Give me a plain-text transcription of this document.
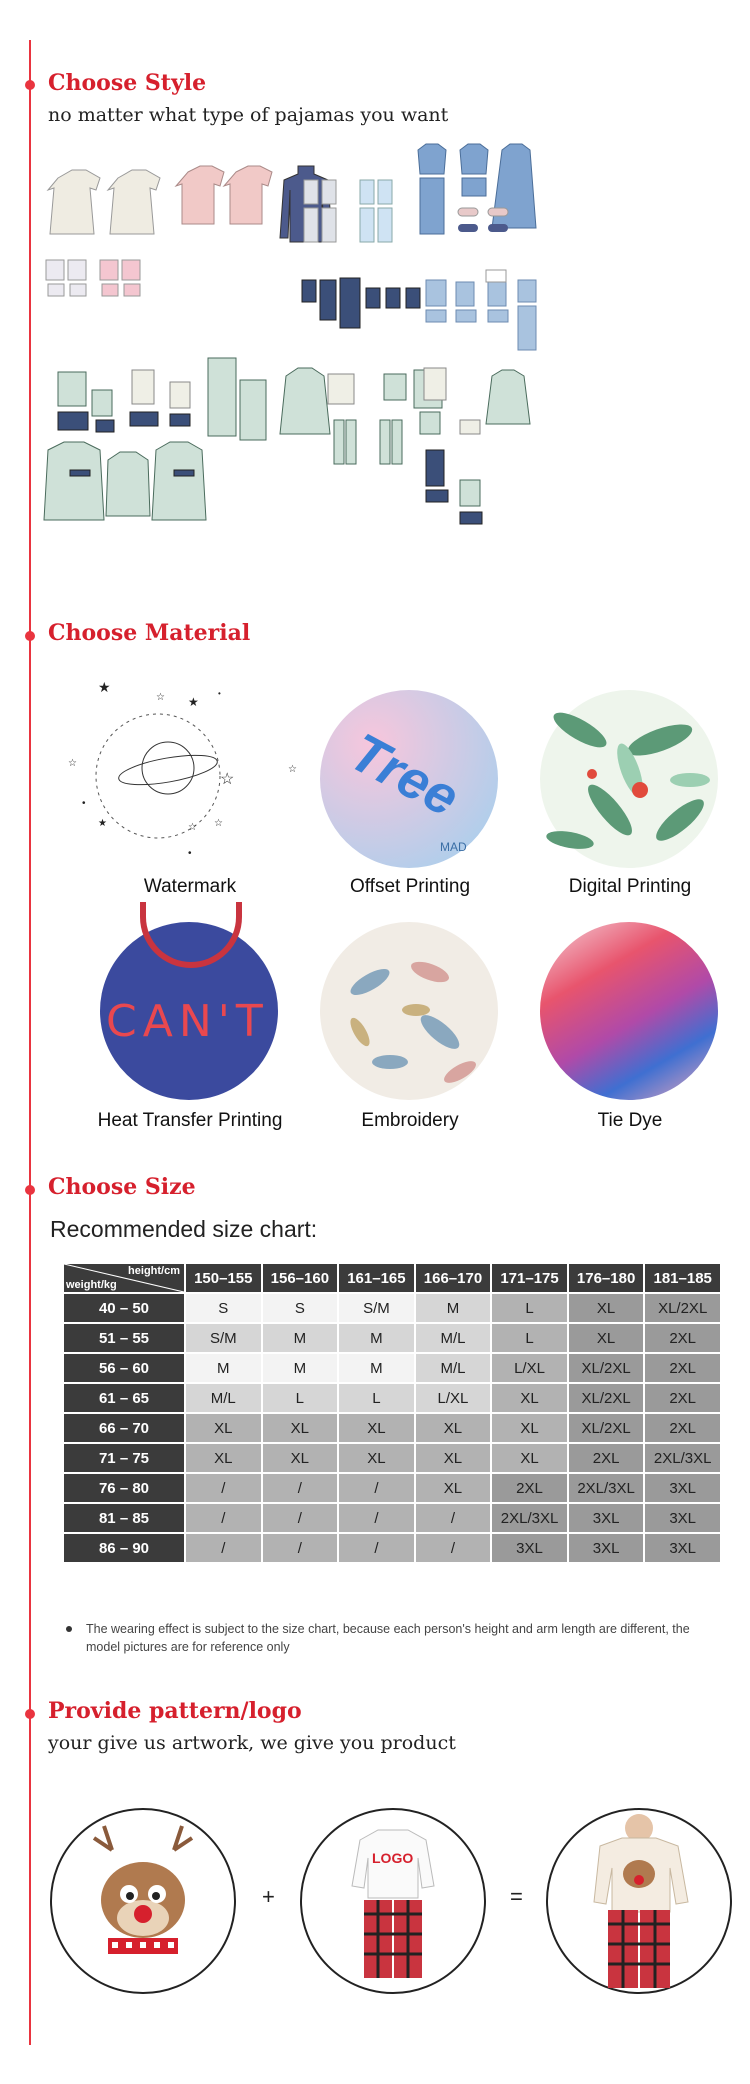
Choose Style
no matter what type of pajamas you want
Choose Material
★
★
☆
☆
☆
•
☆ ☆
★
•
☆
•
Watermark
Tree
MAD
Offset Printing	Digital Printing
CAN'T
Heat Transfer Printing	Embroidery	Tie Dye
Choose Size
Recommended size chart:
height/cm
weight/kg	150–155	156–160	161–165	166–170	171–175	176–180	181–185
40 – 50	S	S	S/M	M	L	XL	XL/2XL
51 – 55	S/M	M	M	M/L	L	XL	2XL
56 – 60	M	M	M	M/L	L/XL	XL/2XL	2XL
61 – 65	M/L	L	L	L/XL	XL	XL/2XL	2XL
66 – 70	XL	XL	XL	XL	XL	XL/2XL	2XL
71 – 75	XL	XL	XL	XL	XL	2XL	2XL/3XL
76 – 80	/	/	/	XL	2XL	2XL/3XL	3XL
81 – 85	/	/	/	/	2XL/3XL	3XL	3XL
86 – 90	/	/	/	/	3XL	3XL	3XL
The wearing effect is subject to the size chart, because each person's height and arm length are different, the model pictures are for reference only
Provide pattern/logo
your give us artwork, we give you product
+
LOGO
=
